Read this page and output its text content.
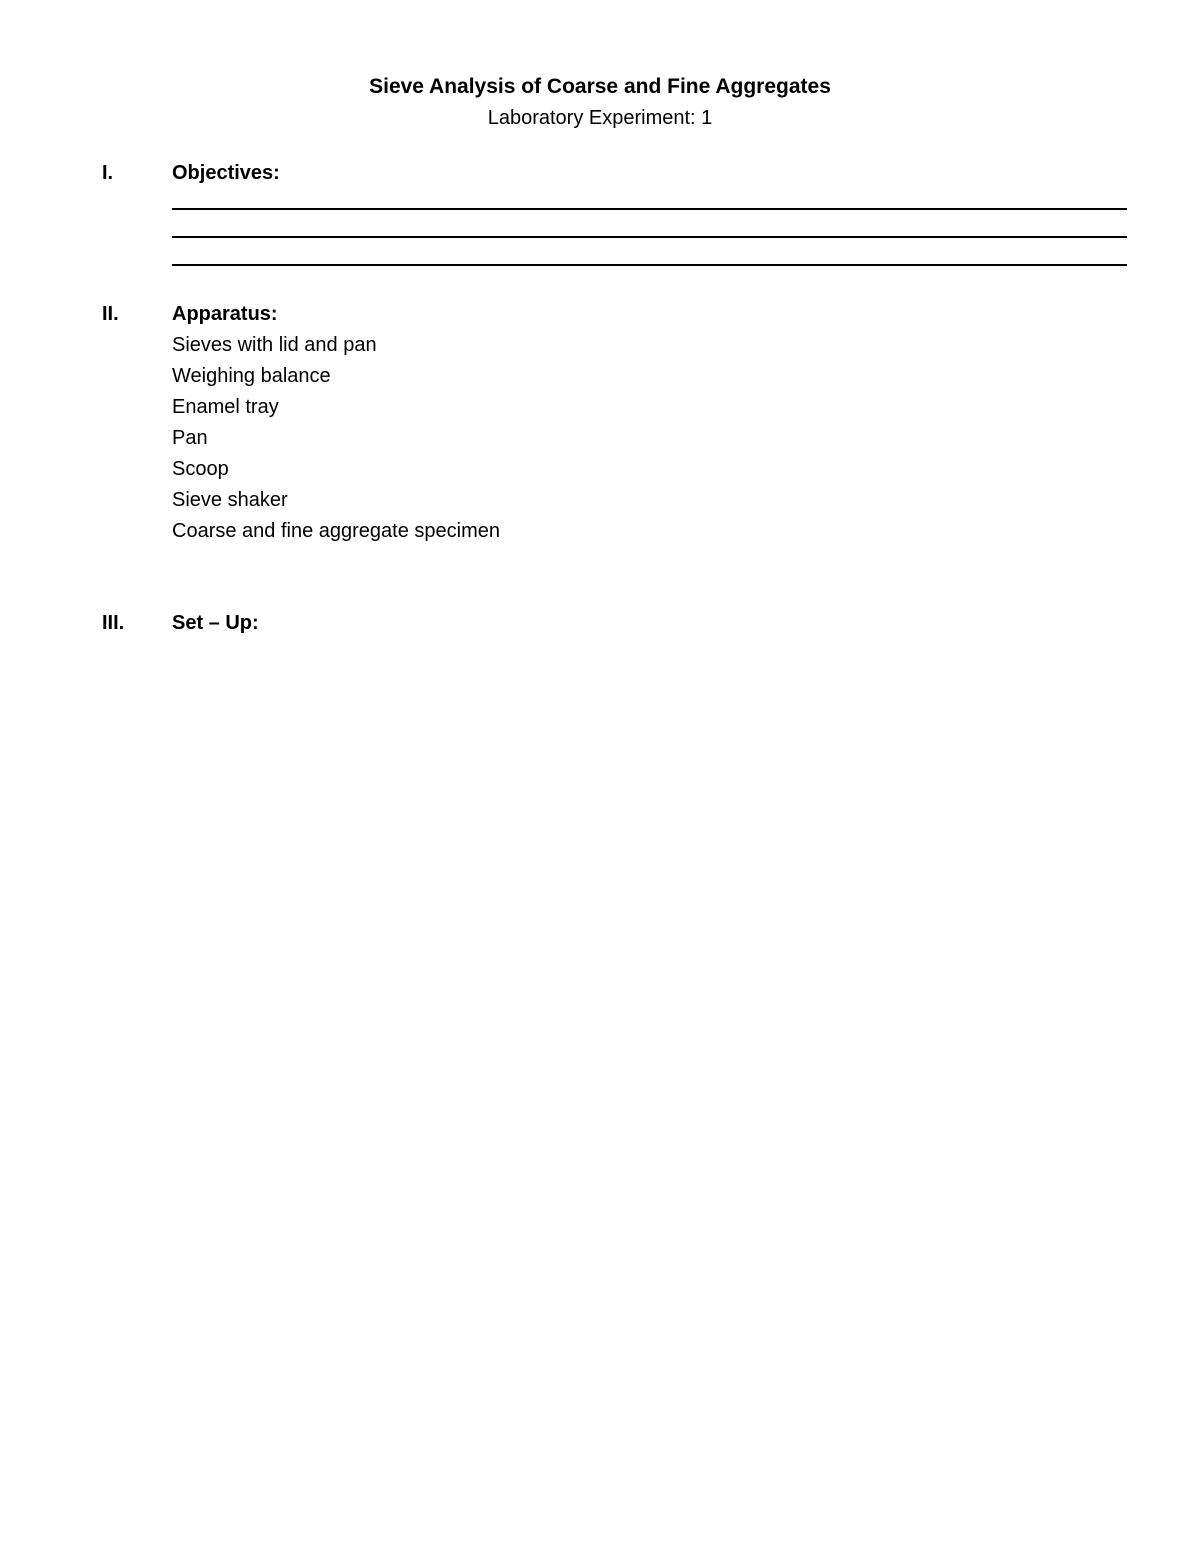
Sieve Analysis of Coarse and Fine Aggregates
Laboratory Experiment: 1
I.	Objectives:
II.	Apparatus:
Sieves with lid and pan
Weighing balance
Enamel tray
Pan
Scoop
Sieve shaker
Coarse and fine aggregate specimen
III. Set – Up:
